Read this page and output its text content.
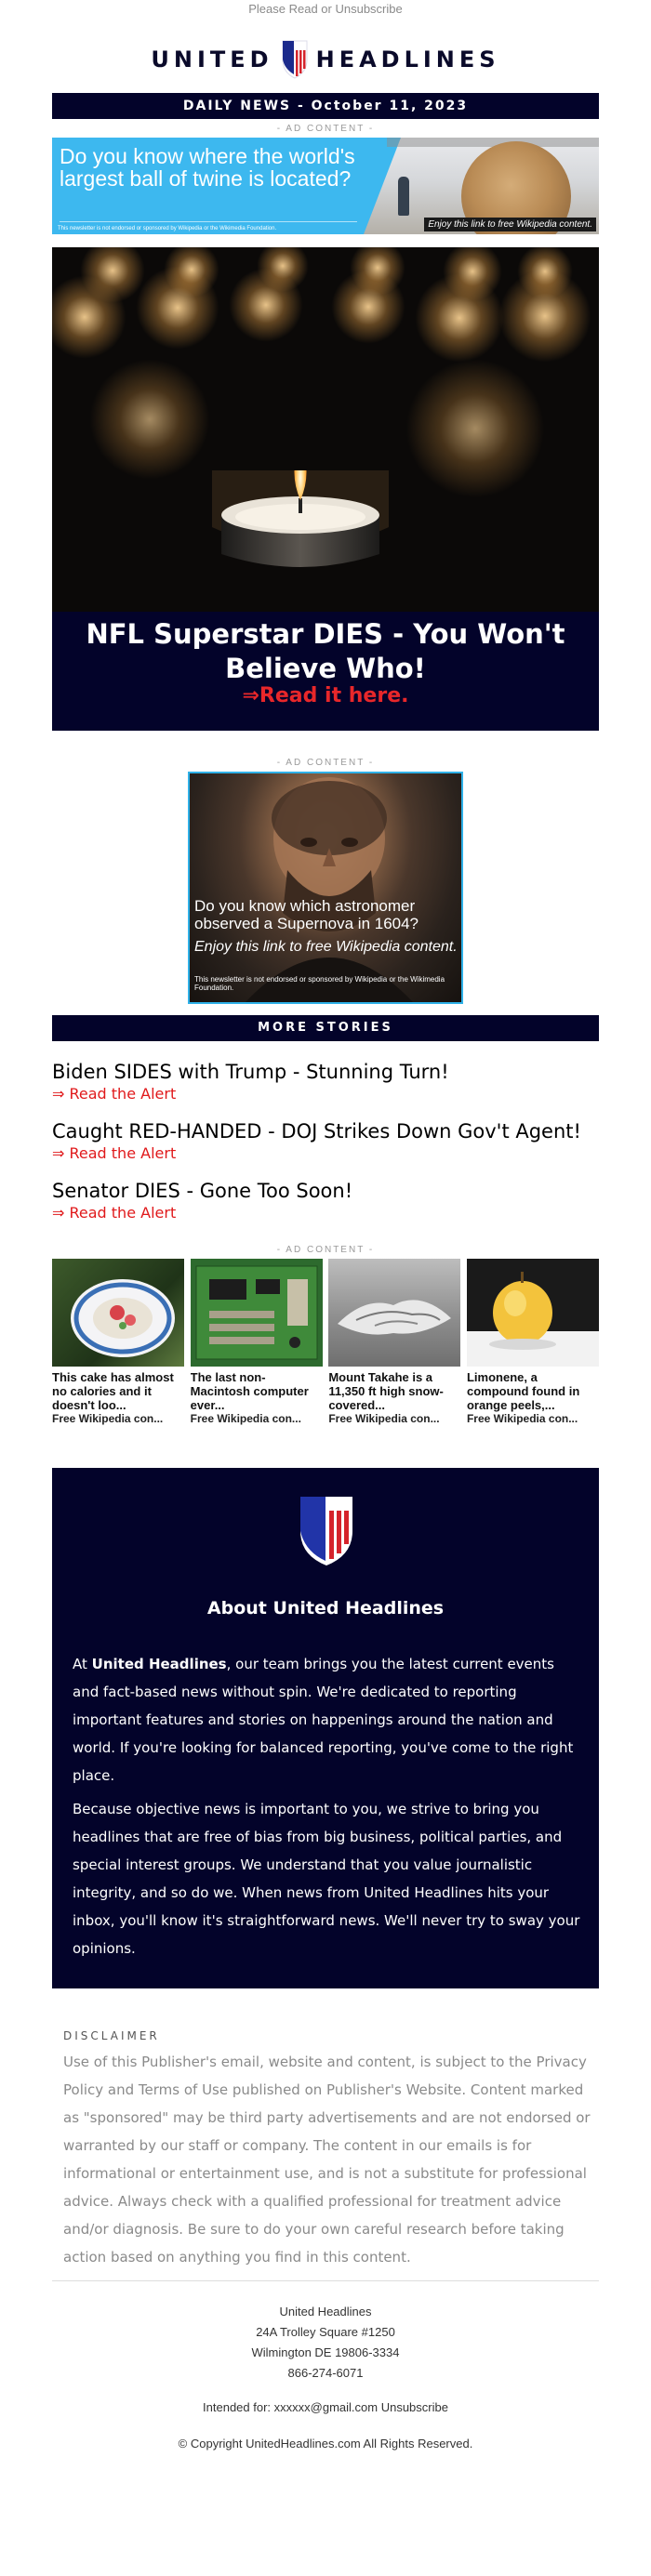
Please Read or Unsubscribe
UNITED HEADLINES
DAILY NEWS - October 11, 2023
- AD CONTENT -
Do you know where the world's largest ball of twine is located?
This newsletter is not endorsed or sponsored by Wikipedia or the Wikimedia Foundation.	Enjoy this link to free Wikipedia content.
NFL Superstar DIES - You Won't Believe Who!
⇒Read it here.
- AD CONTENT -
Do you know which astronomer observed a Supernova in 1604?
Enjoy this link to free Wikipedia content.
This newsletter is not endorsed or sponsored by Wikipedia or the Wikimedia Foundation.
MORE STORIES
Biden SIDES with Trump - Stunning Turn!
⇒ Read the Alert
Caught RED-HANDED - DOJ Strikes Down Gov't Agent!
⇒ Read the Alert
Senator DIES - Gone Too Soon!
⇒ Read the Alert
- AD CONTENT -
This cake has almost no calories and it doesn't loo...
Free Wikipedia con...
The last non-Macintosh computer ever...
Free Wikipedia con...
Mount Takahe is a 11,350 ft high snow-covered...
Free Wikipedia con...
Limonene, a compound found in orange peels,...
Free Wikipedia con...
About United Headlines

At United Headlines, our team brings you the latest current events and fact-based news without spin. We're dedicated to reporting important features and stories on happenings around the nation and world. If you're looking for balanced reporting, you've come to the right place.

Because objective news is important to you, we strive to bring you headlines that are free of bias from big business, political parties, and special interest groups. We understand that you value journalistic integrity, and so do we. When news from United Headlines hits your inbox, you'll know it's straightforward news. We'll never try to sway your opinions.

DISCLAIMER
Use of this Publisher's email, website and content, is subject to the Privacy Policy and Terms of Use published on Publisher's Website. Content marked as "sponsored" may be third party advertisements and are not endorsed or warranted by our staff or company. The content in our emails is for informational or entertainment use, and is not a substitute for professional advice. Always check with a qualified professional for treatment advice and/or diagnosis. Be sure to do your own careful research before taking action based on anything you find in this content.
United Headlines
24A Trolley Square #1250
Wilmington DE 19806-3334
866-274-6071
Intended for: xxxxxx@gmail.com Unsubscribe
© Copyright UnitedHeadlines.com All Rights Reserved.
